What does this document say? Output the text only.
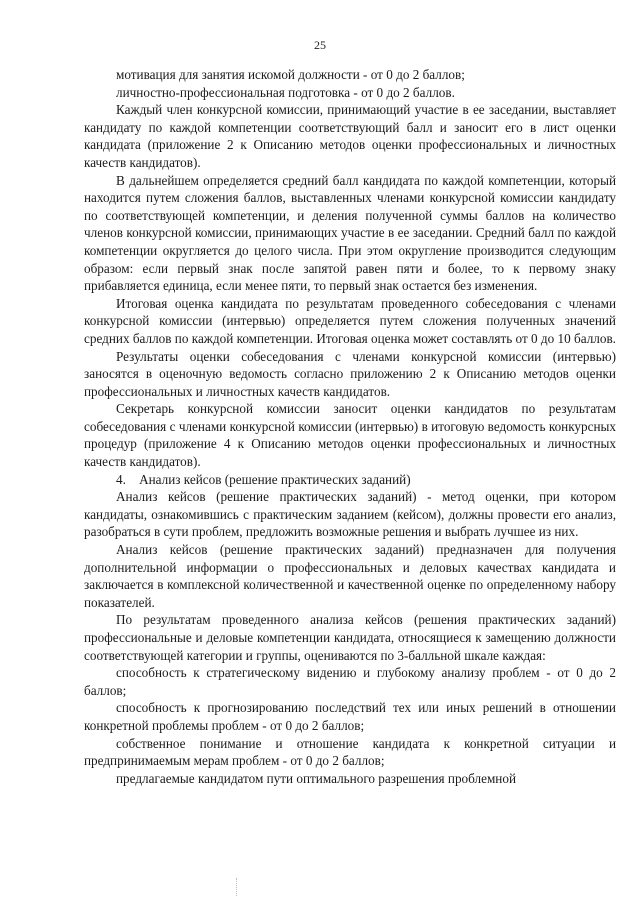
25

мотивация для занятия искомой должности - от 0 до 2 баллов;

личностно-профессиональная подготовка - от 0 до 2 баллов.

Каждый член конкурсной комиссии, принимающий участие в ее заседании, выставляет кандидату по каждой компетенции соответствующий балл и заносит его в лист оценки кандидата (приложение 2 к Описанию методов оценки профессиональных и личностных качеств кандидатов).

В дальнейшем определяется средний балл кандидата по каждой компетенции, который находится путем сложения баллов, выставленных членами конкурсной комиссии кандидату по соответствующей компетенции, и деления полученной суммы баллов на количество членов конкурсной комиссии, принимающих участие в ее заседании. Средний балл по каждой компетенции округляется до целого числа. При этом округление производится следующим образом: если первый знак после запятой равен пяти и более, то к первому знаку прибавляется единица, если менее пяти, то первый знак остается без изменения.

Итоговая оценка кандидата по результатам проведенного собеседования с членами конкурсной комиссии (интервью) определяется путем сложения полученных значений средних баллов по каждой компетенции. Итоговая оценка может составлять от 0 до 10 баллов.

Результаты оценки собеседования с членами конкурсной комиссии (интервью) заносятся в оценочную ведомость согласно приложению 2 к Описанию методов оценки профессиональных и личностных качеств кандидатов.

Секретарь конкурсной комиссии заносит оценки кандидатов по результатам собеседования с членами конкурсной комиссии (интервью) в итоговую ведомость конкурсных процедур (приложение 4 к Описанию методов оценки профессиональных и личностных качеств кандидатов).

4.    Анализ кейсов (решение практических заданий)

Анализ кейсов (решение практических заданий) - метод оценки, при котором кандидаты, ознакомившись с практическим заданием (кейсом), должны провести его анализ, разобраться в сути проблем, предложить возможные решения и выбрать лучшее из них.

Анализ кейсов (решение практических заданий) предназначен для получения дополнительной информации о профессиональных и деловых качествах кандидата и заключается в комплексной количественной и качественной оценке по определенному набору показателей.

По результатам проведенного анализа кейсов (решения практических заданий) профессиональные и деловые компетенции кандидата, относящиеся к замещению должности соответствующей категории и группы, оцениваются по 3-балльной шкале каждая:

способность к стратегическому видению и глубокому анализу проблем - от 0 до 2 баллов;

способность к прогнозированию последствий тех или иных решений в отношении конкретной проблемы проблем - от 0 до 2 баллов;

собственное понимание и отношение кандидата к конкретной ситуации и предпринимаемым мерам проблем - от 0 до 2 баллов;

предлагаемые кандидатом пути оптимального разрешения проблемной
